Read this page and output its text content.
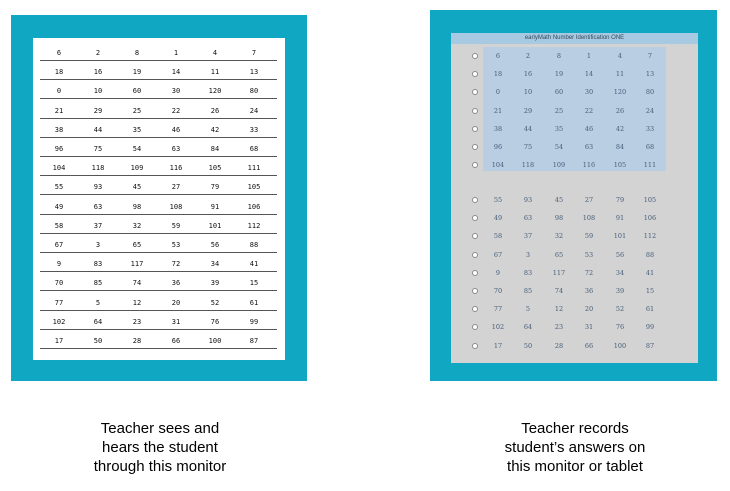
6	2	8	1	4	7
18	16	19	14	11	13
0	10	60	30	120	80
21	29	25	22	26	24
38	44	35	46	42	33
96	75	54	63	84	68
104	118	109	116	105	111
55	93	45	27	79	105
49	63	98	108	91	106
58	37	32	59	101	112
67	3	65	53	56	88
9	83	117	72	34	41
70	85	74	36	39	15
77	5	12	20	52	61
102	64	23	31	76	99
17	50	28	66	100	87
earlyMath Number Identification ONE
6	2	8	1	4	7
18	16	19	14	11	13
0	10	60	30	120	80
21	29	25	22	26	24
38	44	35	46	42	33
96	75	54	63	84	68
104	118	109	116	105	111
55	93	45	27	79	105
49	63	98	108	91	106
58	37	32	59	101	112
67	3	65	53	56	88
9	83	117	72	34	41
70	85	74	36	39	15
77	5	12	20	52	61
102	64	23	31	76	99
17	50	28	66	100	87
Teacher sees and
hears the student
through this monitor
Teacher records
student’s answers on
this monitor or tablet
